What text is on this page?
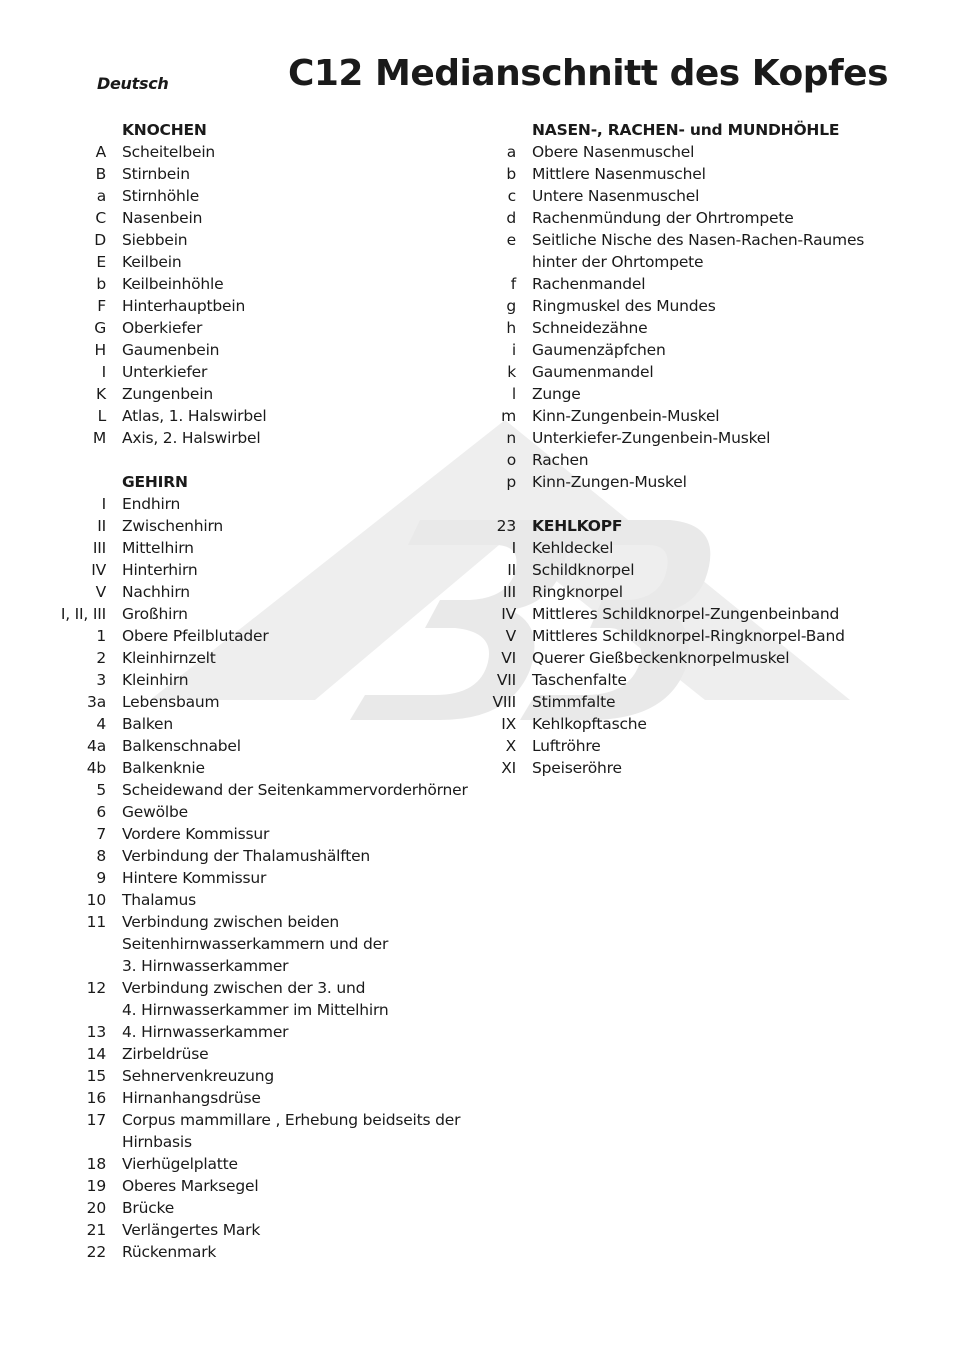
Deutsch	C12 Medianschnitt des Kopfes
KNOCHEN
A	Scheitelbein
B	Stirnbein
a	Stirnhöhle
C	Nasenbein
D	Siebbein
E	Keilbein
b	Keilbeinhöhle
F	Hinterhauptbein
G	Oberkiefer
H	Gaumenbein
I	Unterkiefer
K	Zungenbein
L	Atlas, 1. Halswirbel
M	Axis, 2. Halswirbel
GEHIRN
I	Endhirn
II	Zwischenhirn
III	Mittelhirn
IV	Hinterhirn
V	Nachhirn
I, II, III	Großhirn
1	Obere Pfeilblutader
2	Kleinhirnzelt
3	Kleinhirn
3a	Lebensbaum
4	Balken
4a	Balkenschnabel
4b	Balkenknie
5	Scheidewand der Seitenkammervorderhörner
6	Gewölbe
7	Vordere Kommissur
8	Verbindung der Thalamushälften
9	Hintere Kommissur
10	Thalamus
11	Verbindung zwischen beiden
Seitenhirnwasserkammern und der
3. Hirnwasserkammer
12	Verbindung zwischen der 3. und
4. Hirnwasserkammer im Mittelhirn
13	4. Hirnwasserkammer
14	Zirbeldrüse
15	Sehnervenkreuzung
16	Hirnanhangsdrüse
17	Corpus mammillare , Erhebung beidseits der
Hirnbasis
18	Vierhügelplatte
19	Oberes Marksegel
20	Brücke
21	Verlängertes Mark
22	Rückenmark
NASEN-, RACHEN- und MUNDHÖHLE
a	Obere Nasenmuschel
b	Mittlere Nasenmuschel
c	Untere Nasenmuschel
d	Rachenmündung der Ohrtrompete
e	Seitliche Nische des Nasen-Rachen-Raumes
hinter der Ohrtompete
f	Rachenmandel
g	Ringmuskel des Mundes
h	Schneidezähne
i	Gaumenzäpfchen
k	Gaumenmandel
l	Zunge
m	Kinn-Zungenbein-Muskel
n	Unterkiefer-Zungenbein-Muskel
o	Rachen
p	Kinn-Zungen-Muskel
23	KEHLKOPF
I	Kehldeckel
II	Schildknorpel
III	Ringknorpel
IV	Mittleres Schildknorpel-Zungenbeinband
V	Mittleres Schildknorpel-Ringknorpel-Band
VI	Querer Gießbeckenknorpelmuskel
VII	Taschenfalte
VIII	Stimmfalte
IX	Kehlkopftasche
X	Luftröhre
XI	Speiseröhre
